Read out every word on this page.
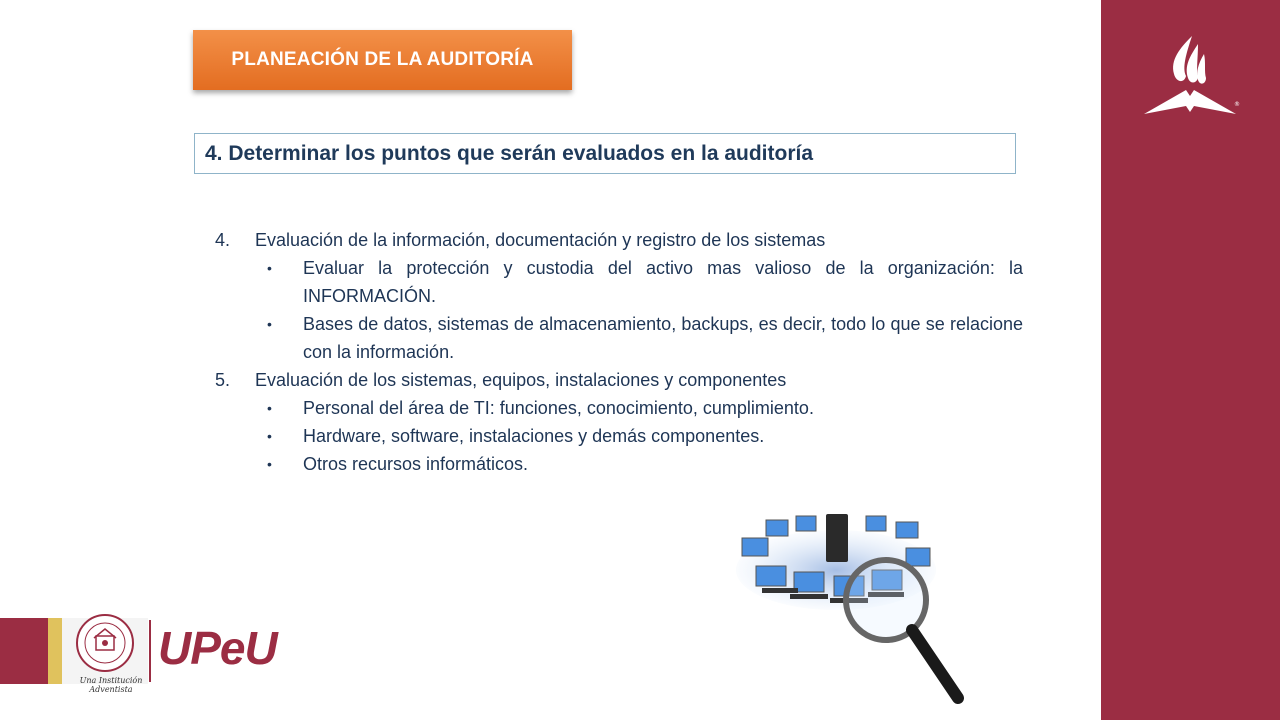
®
PLANEACIÓN DE LA AUDITORÍA
4. Determinar los puntos que serán evaluados en la auditoría
4.	Evaluación de la información, documentación y registro de los sistemas
•	Evaluar la protección y custodia del activo mas valioso de la organización: la INFORMACIÓN.
•	Bases de datos, sistemas de almacenamiento, backups, es decir, todo lo que se relacione con la información.
5.	Evaluación de los sistemas, equipos, instalaciones y componentes
•	Personal del área de TI: funciones, conocimiento, cumplimiento.
•	Hardware, software, instalaciones y demás componentes.
•	Otros recursos informáticos.
Una Institución Adventista
UPeU
